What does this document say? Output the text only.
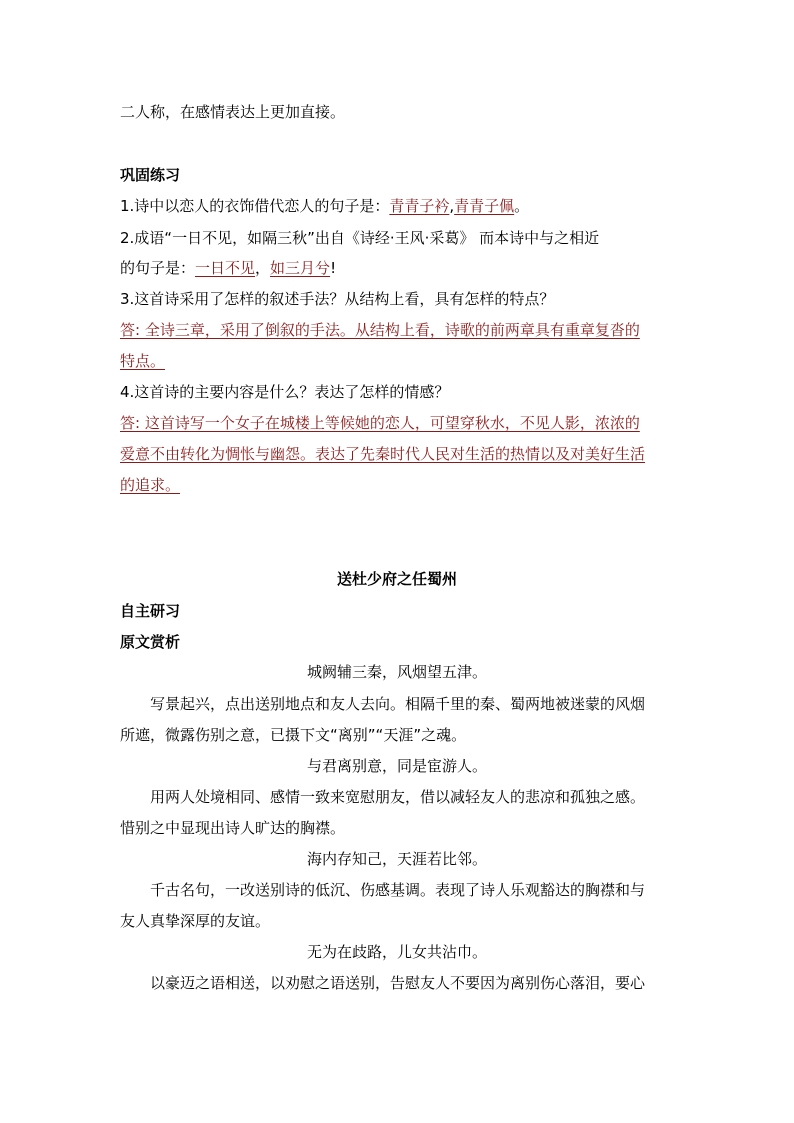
二人称，在感情表达上更加直接。
巩固练习
1.诗中以恋人的衣饰借代恋人的句子是：青青子衿,青青子佩。
2.成语“一日不见，如隔三秋”出自《诗经·王风·采葛》 而本诗中与之相近
的句子是：一日不见，如三月兮!
3.这首诗采用了怎样的叙述手法？从结构上看，具有怎样的特点？
答: 全诗三章，采用了倒叙的手法。从结构上看，诗歌的前两章具有重章复沓的
特点。
4.这首诗的主要内容是什么？表达了怎样的情感？
答: 这首诗写一个女子在城楼上等候她的恋人，可望穿秋水，不见人影，浓浓的
爱意不由转化为惆怅与幽怨。表达了先秦时代人民对生活的热情以及对美好生活
的追求。
送杜少府之任蜀州
自主研习
原文赏析
城阙辅三秦，风烟望五津。
写景起兴，点出送别地点和友人去向。相隔千里的秦、蜀两地被迷蒙的风烟
所遮，微露伤别之意，已摄下文“离别”“天涯”之魂。
与君离别意，同是宦游人。
用两人处境相同、感情一致来宽慰朋友，借以减轻友人的悲凉和孤独之感。
惜别之中显现出诗人旷达的胸襟。
海内存知己，天涯若比邻。
千古名句，一改送别诗的低沉、伤感基调。表现了诗人乐观豁达的胸襟和与
友人真挚深厚的友谊。
无为在歧路，儿女共沾巾。
以豪迈之语相送，以劝慰之语送别，告慰友人不要因为离别伤心落泪，要心
